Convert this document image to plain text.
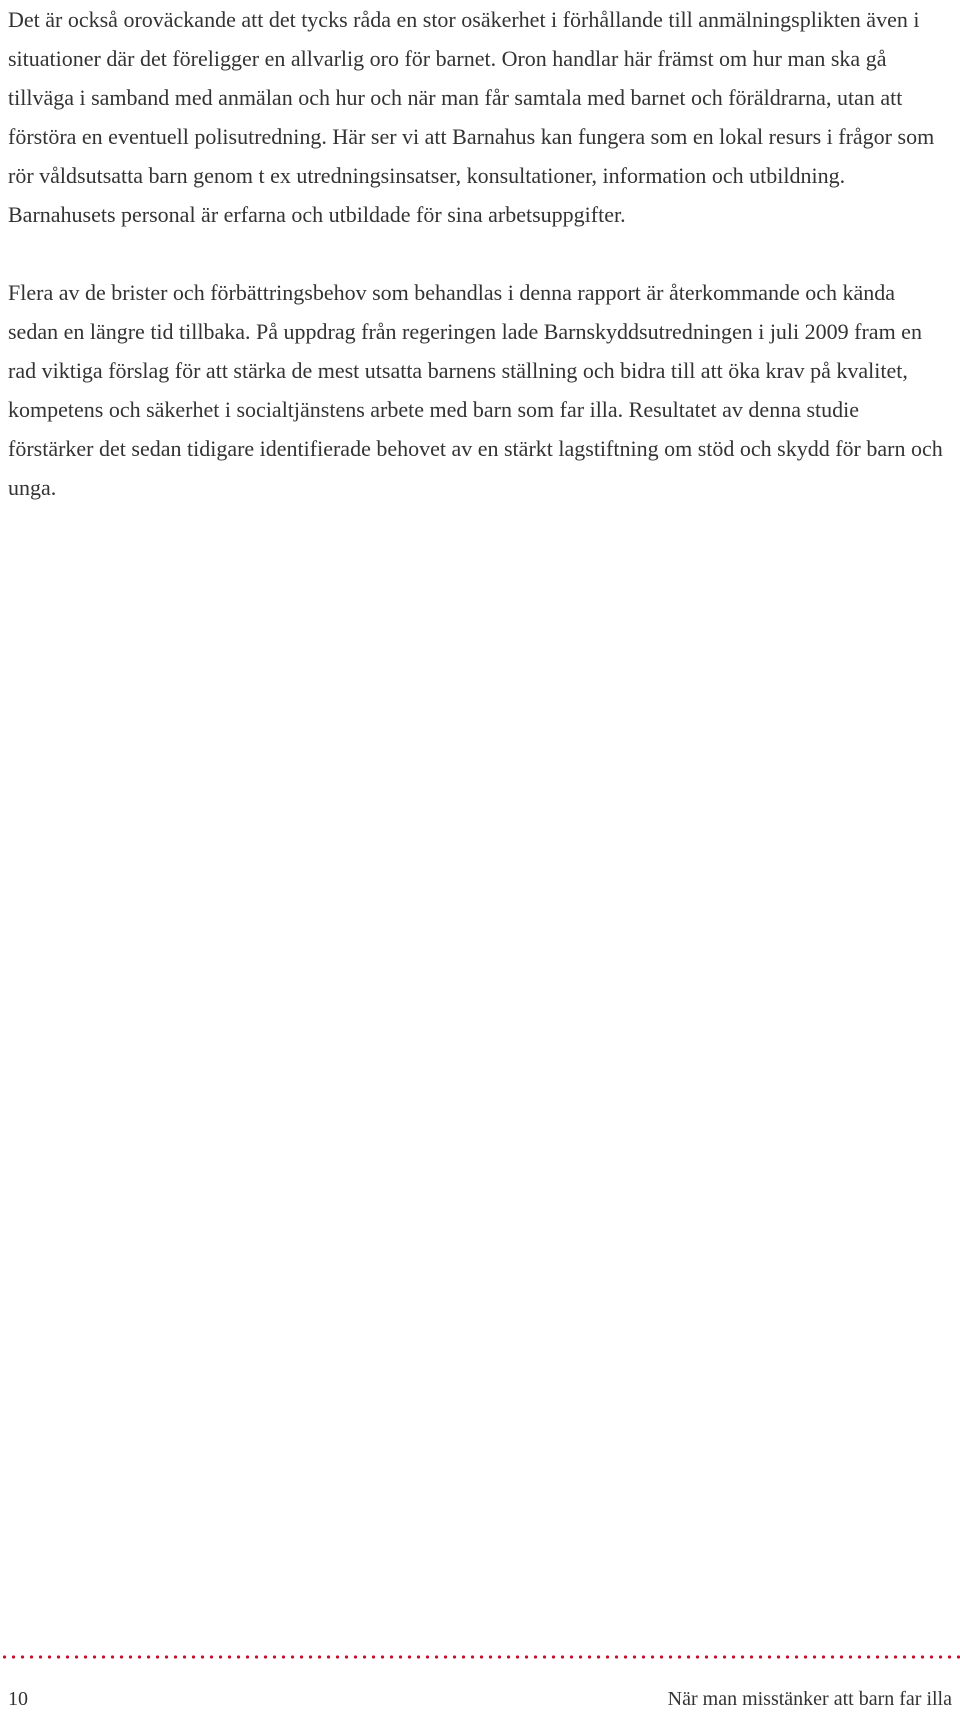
Det är också oroväckande att det tycks råda en stor osäkerhet i förhållande till anmälningsplikten även i situationer där det föreligger en allvarlig oro för barnet. Oron handlar här främst om hur man ska gå tillväga i samband med anmälan och hur och när man får samtala med barnet och föräldrarna, utan att förstöra en eventuell polisutredning. Här ser vi att Barnahus kan fungera som en lokal resurs i frågor som rör våldsutsatta barn genom t ex utredningsinsatser, konsultationer, information och utbildning. Barnahusets personal är erfarna och utbildade för sina arbetsuppgifter.

Flera av de brister och förbättringsbehov som behandlas i denna rapport är återkommande och kända sedan en längre tid tillbaka. På uppdrag från regeringen lade Barnskyddsutredningen i juli 2009 fram en rad viktiga förslag för att stärka de mest utsatta barnens ställning och bidra till att öka krav på kvalitet, kompetens och säkerhet i socialtjänstens arbete med barn som far illa. Resultatet av denna studie förstärker det sedan tidigare identifierade behovet av en stärkt lagstiftning om stöd och skydd för barn och unga.

10	När man misstänker att barn far illa
